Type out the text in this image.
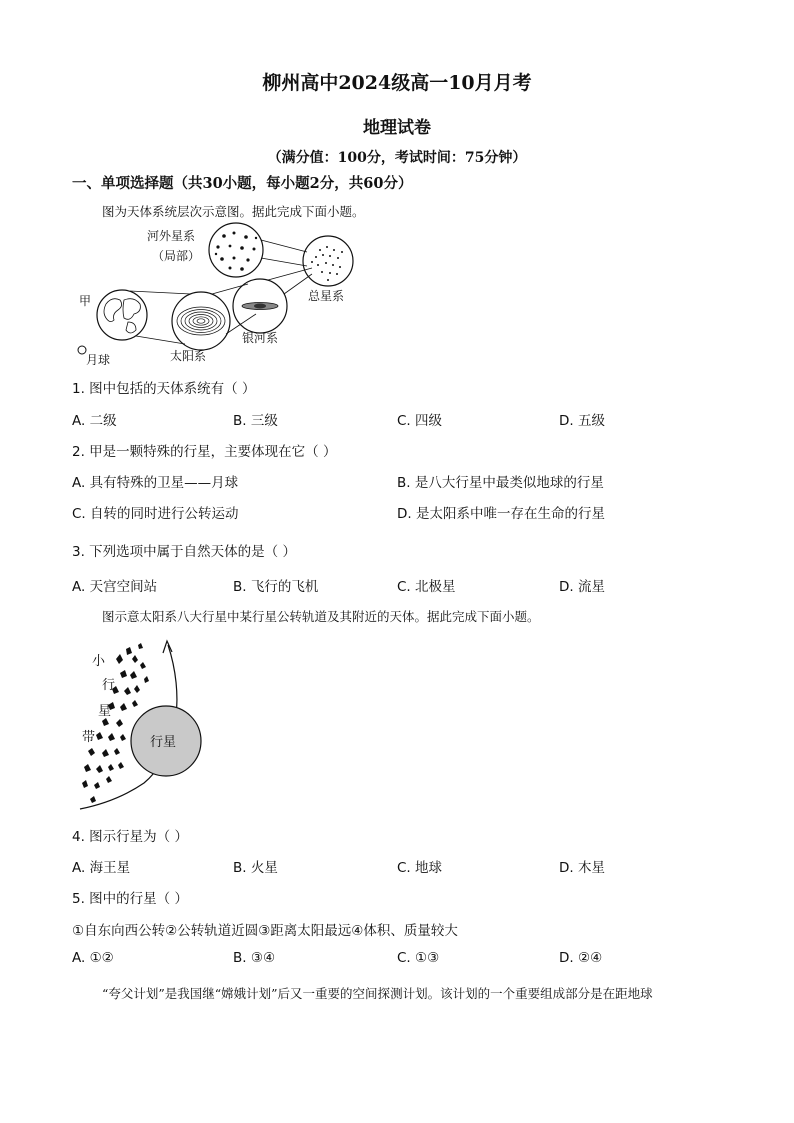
柳州高中2024级高一10月月考
地理试卷
（满分值：100分，考试时间：75分钟）
一、单项选择题（共30小题，每小题2分，共60分）
图为天体系统层次示意图。据此完成下面小题。
河外星系
（局部）
甲
月球	太阳系
银河系
总星系
1. 图中包括的天体系统有（ ）
A. 二级	B. 三级	C. 四级	D. 五级
2. 甲是一颗特殊的行星，主要体现在它（ ）
A. 具有特殊的卫星——月球	B. 是八大行星中最类似地球的行星
C. 自转的同时进行公转运动	D. 是太阳系中唯一存在生命的行星
3. 下列选项中属于自然天体的是（ ）
A. 天宫空间站	B. 飞行的飞机	C. 北极星	D. 流星
图示意太阳系八大行星中某行星公转轨道及其附近的天体。据此完成下面小题。
行星
小
行
星
带
4. 图示行星为（ ）
A. 海王星	B. 火星	C. 地球	D. 木星
5. 图中的行星（ ）
①自东向西公转②公转轨道近圆③距离太阳最远④体积、质量较大
A. ①②	B. ③④	C. ①③	D. ②④
“夸父计划”是我国继“嫦娥计划”后又一重要的空间探测计划。该计划的一个重要组成部分是在距地球
